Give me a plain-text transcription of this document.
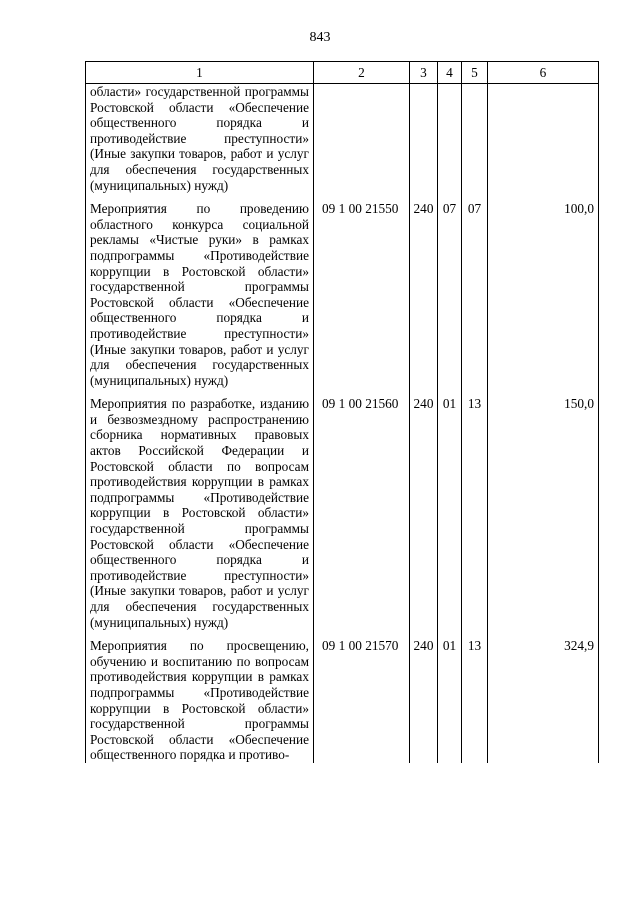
843
1	2	3	4	5	6
области» государственной программы Ростовской области «Обеспечение общественного порядка и противодействие преступности» (Иные закупки товаров, работ и услуг для обеспечения государственных (муниципальных) нужд)					
Мероприятия по проведению областного конкурса социальной рекламы «Чистые руки» в рамках подпрограммы «Противодействие коррупции в Ростовской области» государственной программы Ростовской области «Обеспечение общественного порядка и противодействие преступности» (Иные закупки товаров, работ и услуг для обеспечения государственных (муниципальных) нужд)	09 1 00 21550	240	07	07	100,0
Мероприятия по разработке, изданию и безвозмездному распространению сборника нормативных правовых актов Российской Федерации и Ростовской области по вопросам противодействия коррупции в рамках подпрограммы «Противодействие коррупции в Ростовской области» государственной программы Ростовской области «Обеспечение общественного порядка и противодействие преступности» (Иные закупки товаров, работ и услуг для обеспечения государственных (муниципальных) нужд)	09 1 00 21560	240	01	13	150,0
Мероприятия по просвещению, обучению и воспитанию по вопросам противодействия коррупции в рамках подпрограммы «Противодействие коррупции в Ростовской области» государственной программы Ростовской области «Обеспечение общественного порядка и противо-	09 1 00 21570	240	01	13	324,9
